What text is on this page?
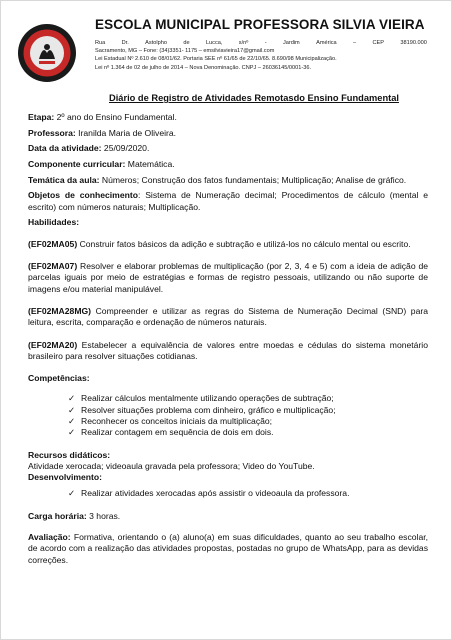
ESCOLA MUNICIPAL PROFESSORA SILVIA VIEIRA
Rua	Dr.	Astolpho	de	Lucca,	s/nº	-	Jardim	América	–	CEP	38190.000
Sacramento, MG – Fone: (34)3351- 1175 – emsilviavieira17@gmail.com
Lei Estadual Nº 2.610 de 08/01/62. Portaria SEE nº 61/65 de 22/10/65. 8.690/98 Municipalização.
Lei nº 1.364 de 02 de julho de 2014 – Nova Denominação. CNPJ – 26036145/0001-36.
Diário de Registro de Atividades Remotasdo Ensino Fundamental

Etapa: 2º ano do Ensino Fundamental.

Professora: Iranilda Maria de Oliveira.

Data da atividade: 25/09/2020.

Componente curricular: Matemática.

Temática da aula: Números; Construção dos fatos fundamentais; Multiplicação; Analise de gráfico.

Objetos de conhecimento: Sistema de Numeração decimal; Procedimentos de cálculo (mental e escrito) com números naturais; Multiplicação.

Habilidades:

(EF02MA05) Construir fatos básicos da adição e subtração e utilizá-los no cálculo mental ou escrito.

(EF02MA07) Resolver e elaborar problemas de multiplicação (por 2, 3, 4 e 5) com a ideia de adição de parcelas iguais por meio de estratégias e formas de registro pessoais, utilizando ou não suporte de imagens e/ou material manipulável.

(EF02MA28MG) Compreender e utilizar as regras do Sistema de Numeração Decimal (SND) para leitura, escrita, comparação e ordenação de números naturais.

(EF02MA20) Estabelecer a equivalência de valores entre moedas e cédulas do sistema monetário brasileiro para resolver situações cotidianas.

Competências:

✓ Realizar cálculos mentalmente utilizando operações de subtração;
✓ Resolver situações problema com dinheiro, gráfico e multiplicação;
✓ Reconhecer os conceitos iniciais da multiplicação;
✓ Realizar contagem em sequência de dois em dois.

Recursos didáticos:

Atividade xerocada; videoaula gravada pela professora; Video do YouTube.

Desenvolvimento:

✓ Realizar atividades xerocadas após assistir o videoaula da professora.

Carga horária: 3 horas.

Avaliação: Formativa, orientando o (a) aluno(a) em suas dificuldades, quanto ao seu trabalho escolar, de acordo com a realização das atividades propostas, postadas no grupo de WhatsApp, para as devidas correções.
